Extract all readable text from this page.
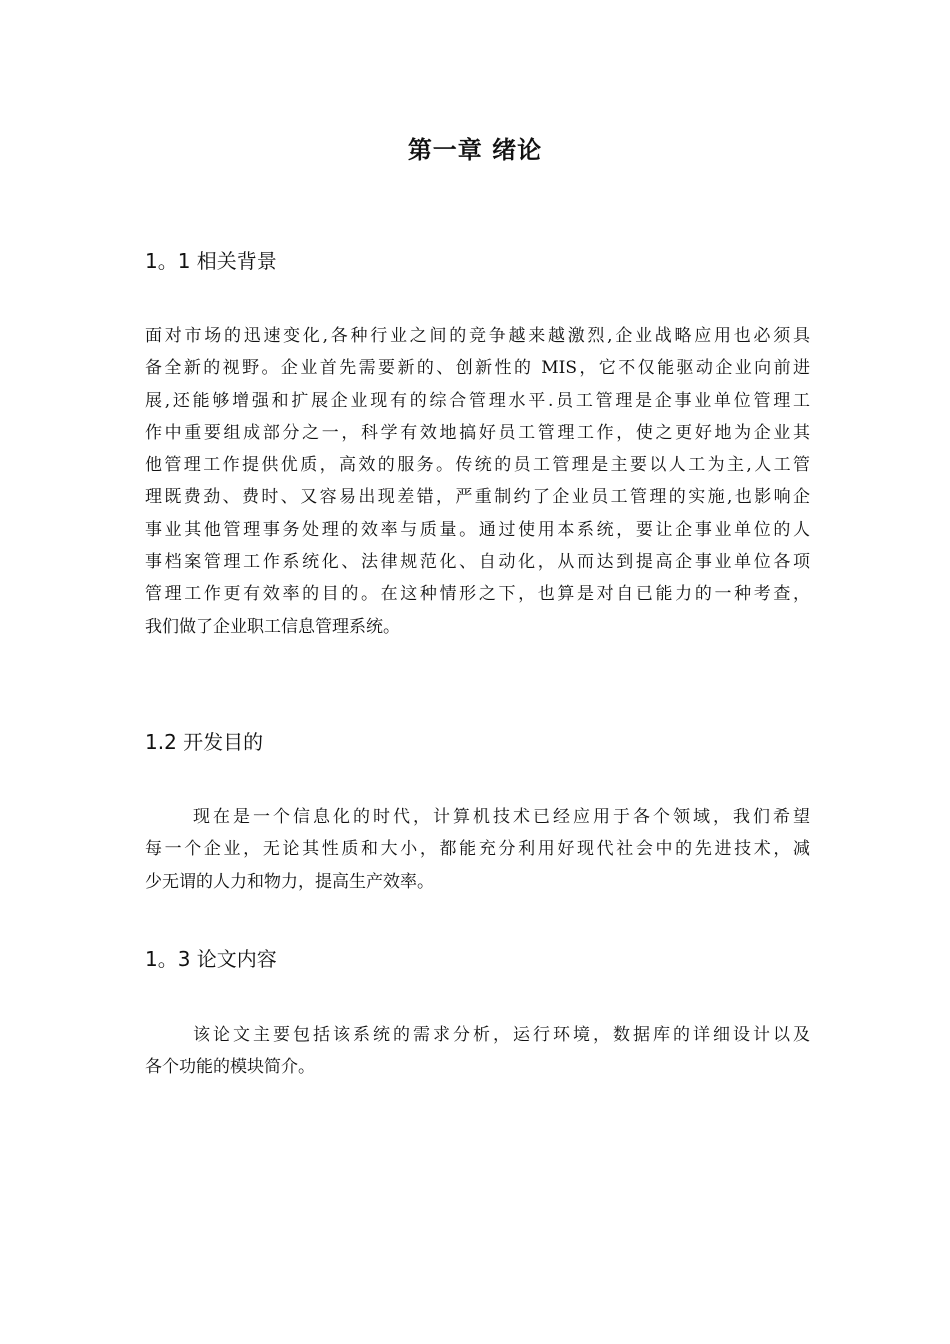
第一章 绪论
1。1 相关背景
面对市场的迅速变化,各种行业之间的竞争越来越激烈,企业战略应用也必须具
备全新的视野。企业首先需要新的、创新性的 MIS，它不仅能驱动企业向前进
展,还能够增强和扩展企业现有的综合管理水平.员工管理是企事业单位管理工
作中重要组成部分之一，科学有效地搞好员工管理工作，使之更好地为企业其
他管理工作提供优质，高效的服务。传统的员工管理是主要以人工为主,人工管
理既费劲、费时、又容易出现差错，严重制约了企业员工管理的实施,也影响企
事业其他管理事务处理的效率与质量。通过使用本系统，要让企事业单位的人
事档案管理工作系统化、法律规范化、自动化，从而达到提高企事业单位各项
管理工作更有效率的目的。在这种情形之下，也算是对自已能力的一种考查，
我们做了企业职工信息管理系统。
1.2 开发目的
现在是一个信息化的时代，计算机技术已经应用于各个领域，我们希望
每一个企业，无论其性质和大小，都能充分利用好现代社会中的先进技术，减
少无谓的人力和物力，提高生产效率。
1。3 论文内容
该论文主要包括该系统的需求分析，运行环境，数据库的详细设计以及
各个功能的模块简介。
